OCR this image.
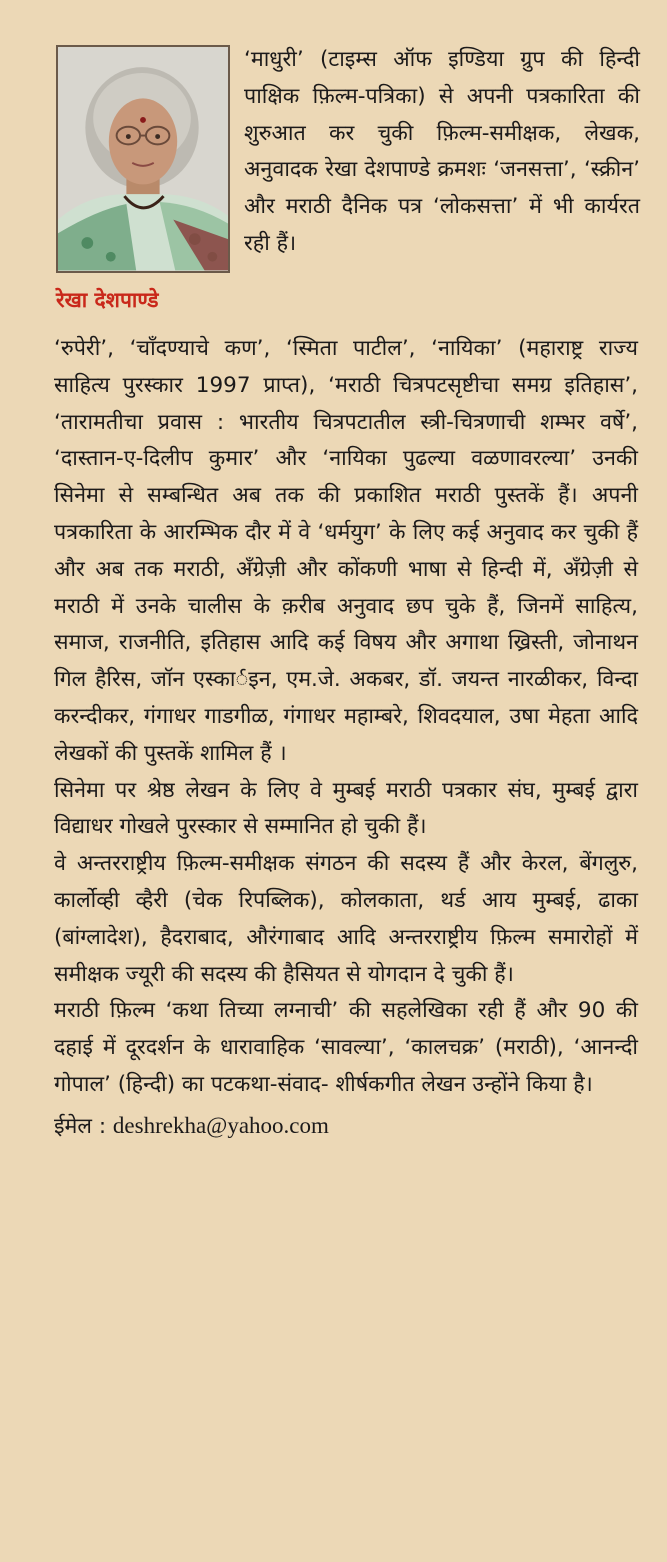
रेखा देशपाण्डे

‘माधुरी’ (टाइम्स ऑफ इण्डिया ग्रुप की हिन्दी पाक्षिक फ़िल्म-पत्रिका) से अपनी पत्रकारिता की शुरुआत कर चुकी फ़िल्म-समीक्षक, लेखक, अनुवादक रेखा देशपाण्डे क्रमशः ‘जनसत्ता’, ‘स्क्रीन’ और मराठी दैनिक पत्र ‘लोकसत्ता’ में भी कार्यरत रही हैं।

‘रुपेरी’, ‘चाँदण्याचे कण’, ‘स्मिता पाटील’, ‘नायिका’ (महाराष्ट्र राज्य साहित्य पुरस्कार 1997 प्राप्त), ‘मराठी चित्रपटसृष्टीचा समग्र इतिहास’, ‘तारामतीचा प्रवास : भारतीय चित्रपटातील स्त्री-चित्रणाची शम्भर वर्षे’, ‘दास्तान-ए-दिलीप कुमार’ और ‘नायिका पुढल्या वळणावरल्या’ उनकी सिनेमा से सम्बन्धित अब तक की प्रकाशित मराठी पुस्तकें हैं। अपनी पत्रकारिता के आरम्भिक दौर में वे ‘धर्मयुग’ के लिए कई अनुवाद कर चुकी हैं और अब तक मराठी, अँग्रेज़ी और कोंकणी भाषा से हिन्दी में, अँग्रेज़ी से मराठी में उनके चालीस के क़रीब अनुवाद छप चुके हैं, जिनमें साहित्य, समाज, राजनीति, इतिहास आदि कई विषय और अगाथा ख्रिस्ती, जोनाथन गिल हैरिस, जॉन एस्कार्इन, एम.जे. अकबर, डॉ. जयन्त नारळीकर, विन्दा करन्दीकर, गंगाधर गाडगीळ, गंगाधर महाम्बरे, शिवदयाल, उषा मेहता आदि लेखकों की पुस्तकें शामिल हैं ।

सिनेमा पर श्रेष्ठ लेखन के लिए वे मुम्बई मराठी पत्रकार संघ, मुम्बई द्वारा विद्याधर गोखले पुरस्कार से सम्मानित हो चुकी हैं।

वे अन्तरराष्ट्रीय फ़िल्म-समीक्षक संगठन की सदस्य हैं और केरल, बेंगलुरु, कार्लोव्ही व्हैरी (चेक रिपब्लिक), कोलकाता, थर्ड आय मुम्बई, ढाका (बांग्लादेश), हैदराबाद, औरंगाबाद आदि अन्तरराष्ट्रीय फ़िल्म समारोहों में समीक्षक ज्यूरी की सदस्य की हैसियत से योगदान दे चुकी हैं।

मराठी फ़िल्म ‘कथा तिच्या लग्नाची’ की सहलेखिका रही हैं और 90 की दहाई में दूरदर्शन के धारावाहिक ‘सावल्या’, ‘कालचक्र’ (मराठी), ‘आनन्दी गोपाल’ (हिन्दी) का पटकथा-संवाद- शीर्षकगीत लेखन उन्होंने किया है।

ईमेल : deshrekha@yahoo.com
